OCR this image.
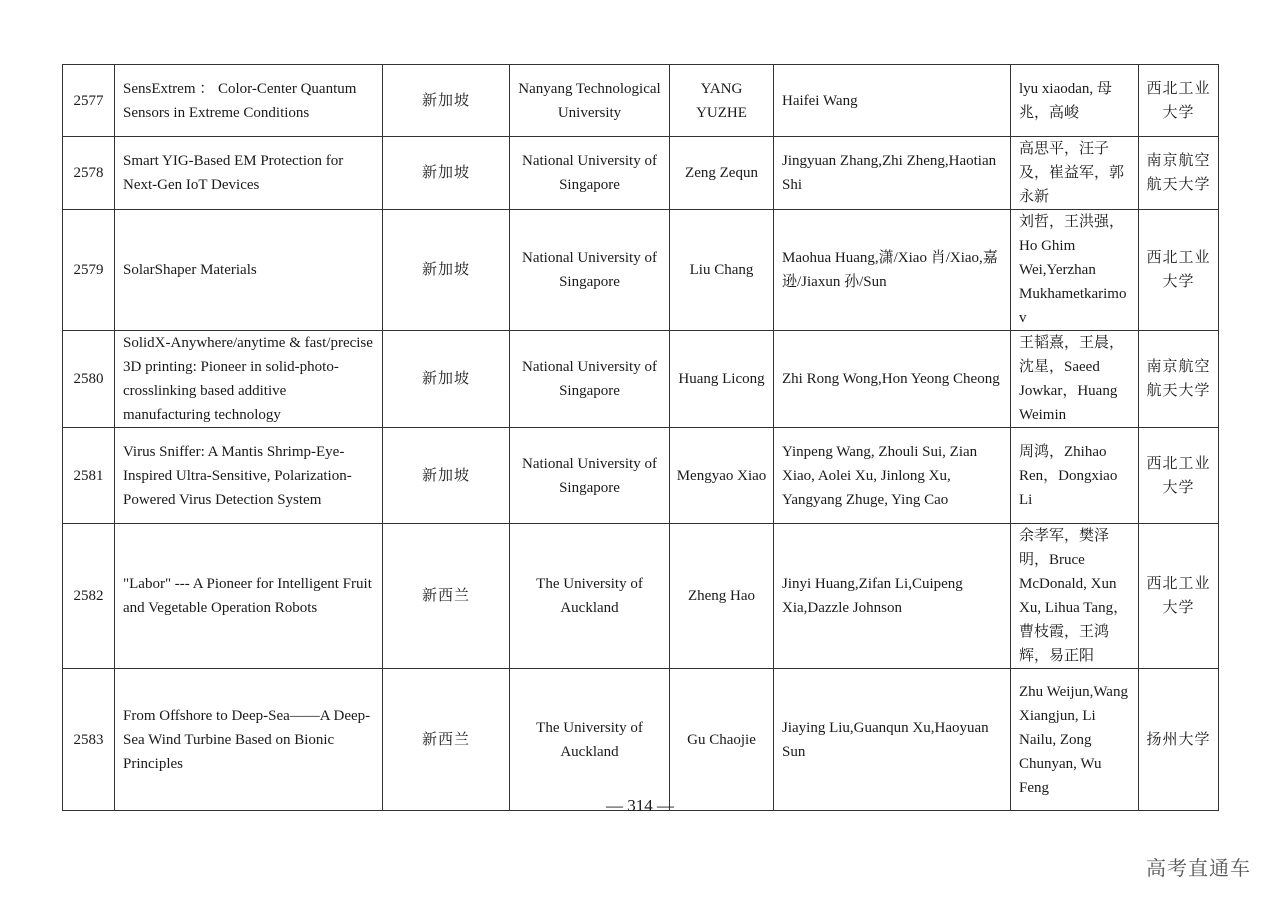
2577	SensExtrem ： Color-Center Quantum Sensors in Extreme Conditions	新加坡	Nanyang Technological University	YANG YUZHE	Haifei Wang	lyu xiaodan, 母兆，高峻	西北工业大学
2578	Smart YIG-Based EM Protection for Next-Gen IoT Devices	新加坡	National University of Singapore	Zeng Zequn	Jingyuan Zhang,Zhi Zheng,Haotian Shi	高思平，汪子及，崔益军，郭永新	南京航空航天大学
2579	SolarShaper Materials	新加坡	National University of Singapore	Liu Chang	Maohua Huang,潇/Xiao 肖/Xiao,嘉逊/Jiaxun 孙/Sun	刘哲，王洪强，Ho Ghim Wei,Yerzhan Mukhametkarimov	西北工业大学
2580	SolidX-Anywhere/anytime & fast/precise 3D printing: Pioneer in solid-photo-crosslinking based additive manufacturing technology	新加坡	National University of Singapore	Huang Licong	Zhi Rong Wong,Hon Yeong Cheong	王韬熹，王晨，沈星，Saeed Jowkar，Huang Weimin	南京航空航天大学
2581	Virus Sniffer: A Mantis Shrimp-Eye-Inspired Ultra-Sensitive, Polarization-Powered Virus Detection System	新加坡	National University of Singapore	Mengyao Xiao	Yinpeng Wang, Zhouli Sui, Zian Xiao, Aolei Xu, Jinlong Xu, Yangyang Zhuge, Ying Cao	周鸿，Zhihao Ren，Dongxiao Li	西北工业大学
2582	"Labor" --- A Pioneer for Intelligent Fruit and Vegetable Operation Robots	新西兰	The University of Auckland	Zheng Hao	Jinyi Huang,Zifan Li,Cuipeng Xia,Dazzle Johnson	余孝军，樊泽明，Bruce McDonald, Xun Xu, Lihua Tang，曹枝霞，王鸿辉，易正阳	西北工业大学
2583	From Offshore to Deep-Sea——A Deep-Sea Wind Turbine Based on Bionic Principles	新西兰	The University of Auckland	Gu Chaojie	Jiaying Liu,Guanqun Xu,Haoyuan Sun	Zhu Weijun,Wang Xiangjun, Li Nailu, Zong Chunyan, Wu Feng	扬州大学
— 314 —
高考直通车
